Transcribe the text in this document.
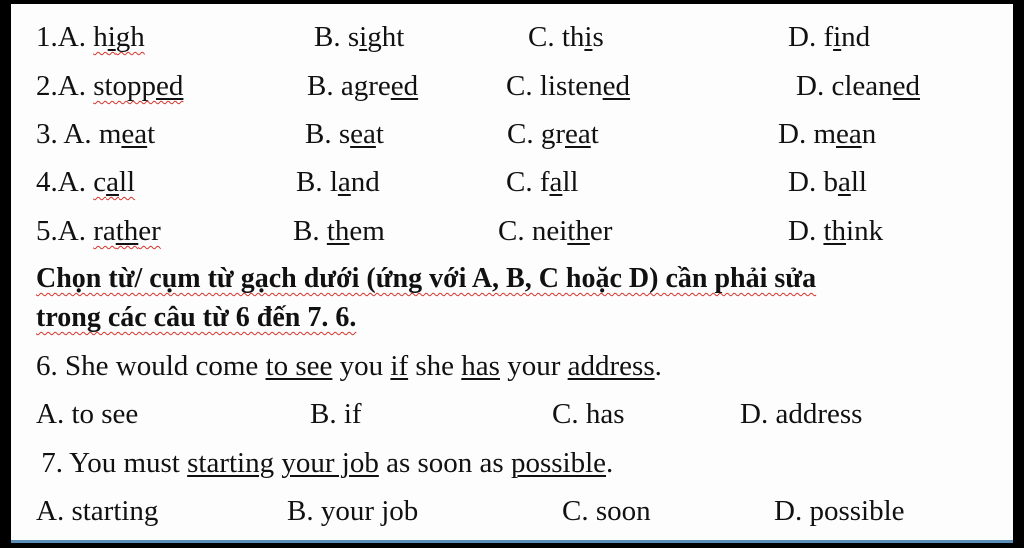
1.A. high	B. sight	C. this	D. find
2.A. stopped	B. agreed	C. listened	D. cleaned
3. A. meat	B. seat	C. great	D. mean
4.A. call	B. land	C. fall	D. ball
5.A. rather	B. them	C. neither	D. think
Chọn từ/ cụm từ gạch dưới (ứng với A, B, C hoặc D) cần phải sửa
trong các câu từ 6 đến 7. 6.
6. She would come to see you if she has your address.
A. to see	B. if	C. has	D. address
7. You must starting your job as soon as possible.
A. starting	B. your job	C. soon	D. possible
